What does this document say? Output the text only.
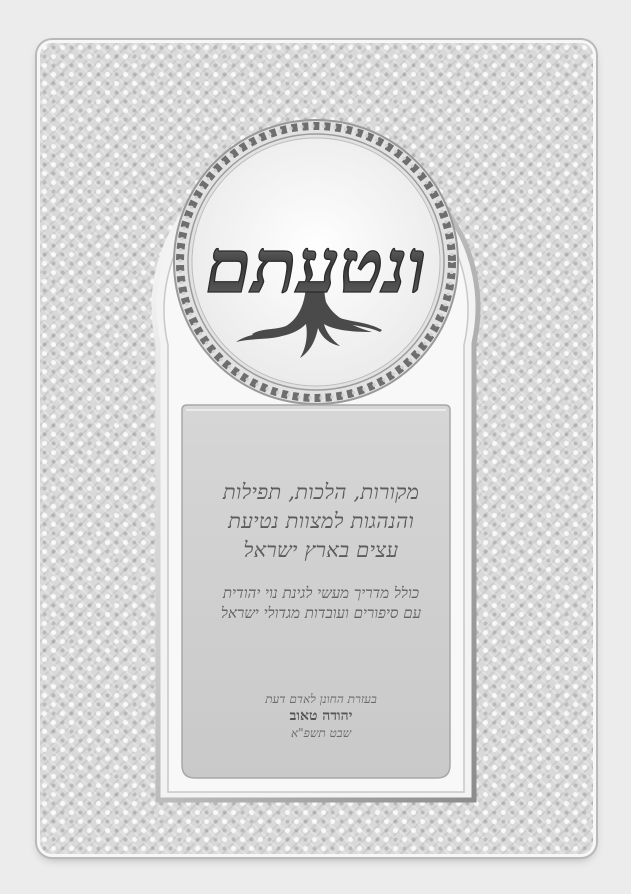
ונטעתם
מקורות, הלכות, תפילות
והנהגות למצוות נטיעת
עצים בארץ ישראל
כולל מדריך מעשי לגינת נוי יהודית
עם סיפורים ועובדות מגדולי ישראל
בעזרת החונן לאדם דעת
יהודה טאוב
שבט תשפ"א
